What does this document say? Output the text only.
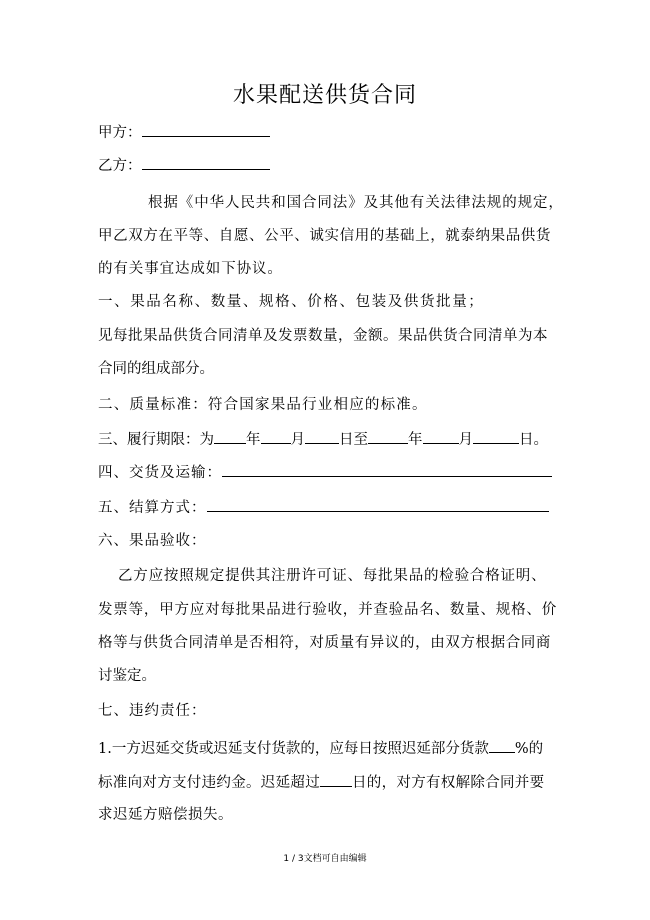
水果配送供货合同
甲方：
乙方：
根据《中华人民共和国合同法》及其他有关法律法规的规定，
甲乙双方在平等、自愿、公平、诚实信用的基础上，就泰纳果品供货
的有关事宜达成如下协议。
一、果品名称、数量、规格、价格、包装及供货批量；
见每批果品供货合同清单及发票数量，金额。果品供货合同清单为本
合同的组成部分。
二、质量标准：符合国家果品行业相应的标准。
三、履行期限：为 年 月 日至	年 月	日。
四、交货及运输：
五、结算方式：
六、果品验收：
乙方应按照规定提供其注册许可证、每批果品的检验合格证明、
发票等，甲方应对每批果品进行验收，并查验品名、数量、规格、价
格等与供货合同清单是否相符，对质量有异议的，由双方根据合同商
讨鉴定。
七、违约责任：
1.一方迟延交货或迟延支付货款的，应每日按照迟延部分货款 %的
标准向对方支付违约金。迟延超过 日的，对方有权解除合同并要
求迟延方赔偿损失。
1 / 3文档可自由编辑
